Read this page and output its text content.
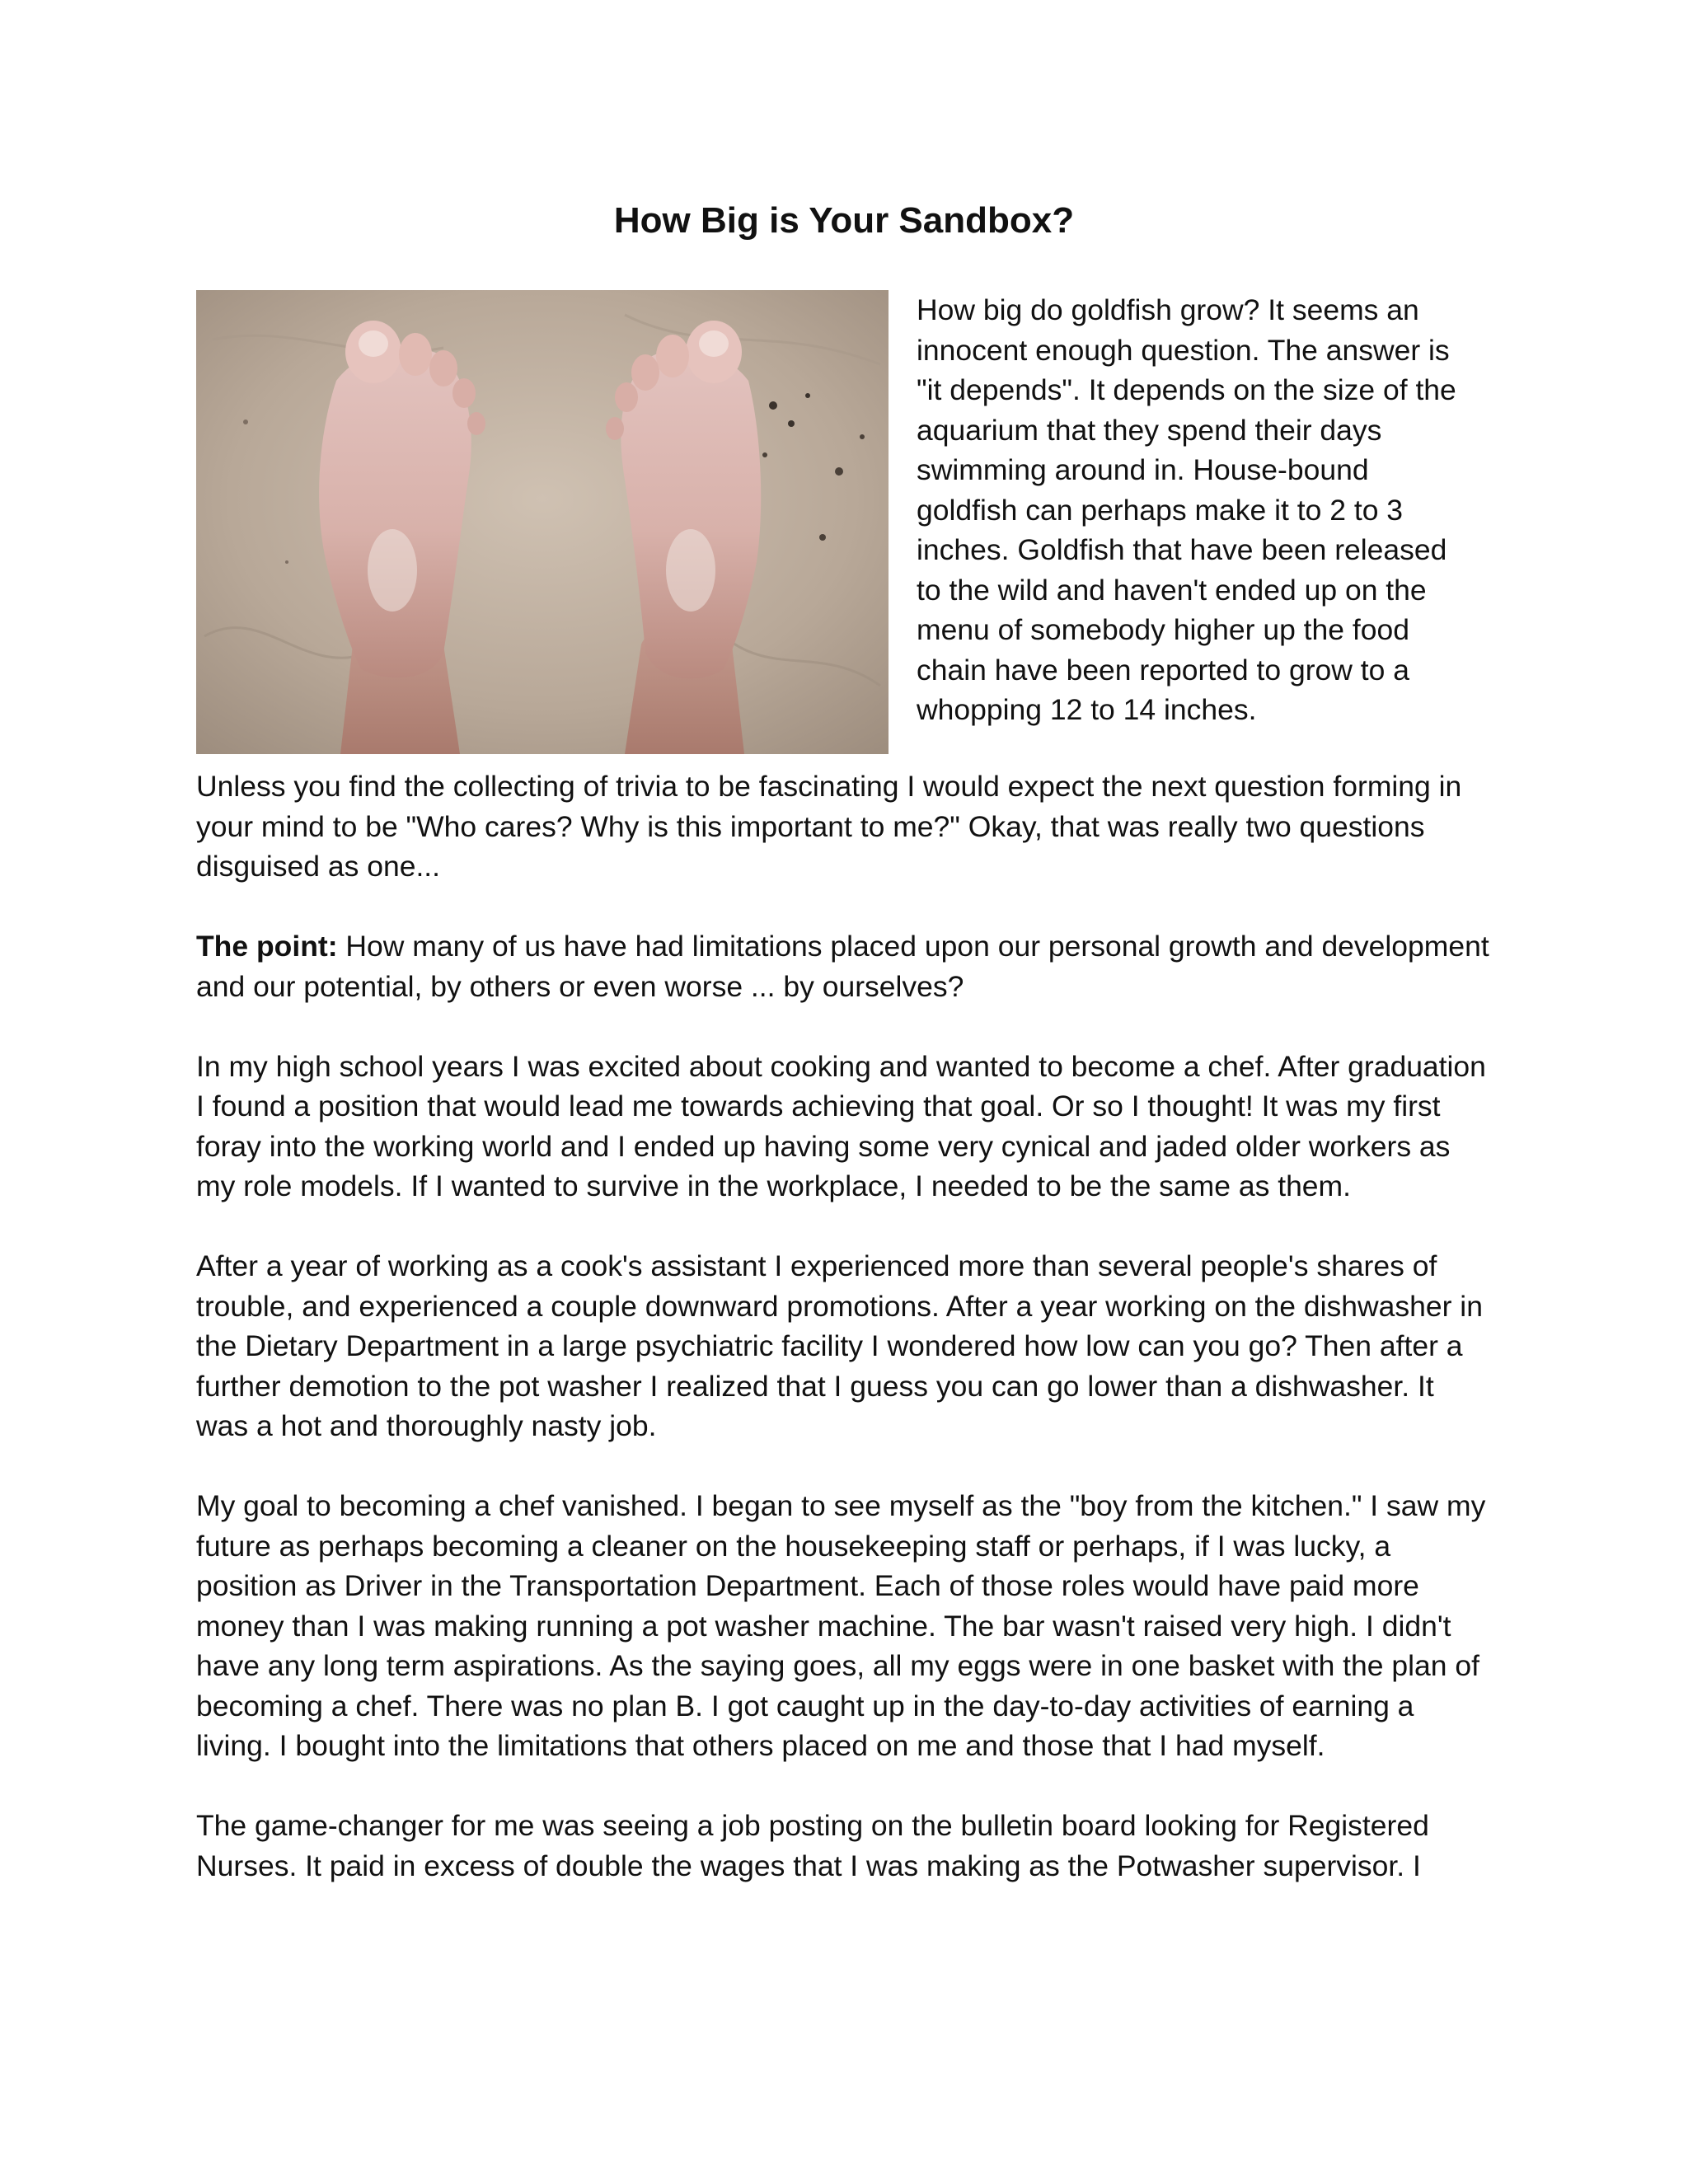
How Big is Your Sandbox?

How big do goldfish grow? It seems an innocent enough question. The answer is "it depends". It depends on the size of the aquarium that they spend their days swimming around in. House-bound goldfish can perhaps make it to 2 to 3 inches. Goldfish that have been released to the wild and haven't ended up on the menu of somebody higher up the food chain have been reported to grow to a whopping 12 to 14 inches.

Unless you find the collecting of trivia to be fascinating I would expect the next question forming in your mind to be "Who cares? Why is this important to me?" Okay, that was really two questions disguised as one...

The point: How many of us have had limitations placed upon our personal growth and development and our potential, by others or even worse ... by ourselves?

In my high school years I was excited about cooking and wanted to become a chef. After graduation I found a position that would lead me towards achieving that goal. Or so I thought! It was my first foray into the working world and I ended up having some very cynical and jaded older workers as my role models. If I wanted to survive in the workplace, I needed to be the same as them.

After a year of working as a cook's assistant I experienced more than several people's shares of trouble, and experienced a couple downward promotions. After a year working on the dishwasher in the Dietary Department in a large psychiatric facility I wondered how low can you go? Then after a further demotion to the pot washer I realized that I guess you can go lower than a dishwasher. It was a hot and thoroughly nasty job.

My goal to becoming a chef vanished. I began to see myself as the "boy from the kitchen." I saw my future as perhaps becoming a cleaner on the housekeeping staff or perhaps, if I was lucky, a position as Driver in the Transportation Department. Each of those roles would have paid more money than I was making running a pot washer machine. The bar wasn't raised very high. I didn't have any long term aspirations. As the saying goes, all my eggs were in one basket with the plan of becoming a chef. There was no plan B. I got caught up in the day-to-day activities of earning a living. I bought into the limitations that others placed on me and those that I had myself.

The game-changer for me was seeing a job posting on the bulletin board looking for Registered Nurses. It paid in excess of double the wages that I was making as the Potwasher supervisor. I
